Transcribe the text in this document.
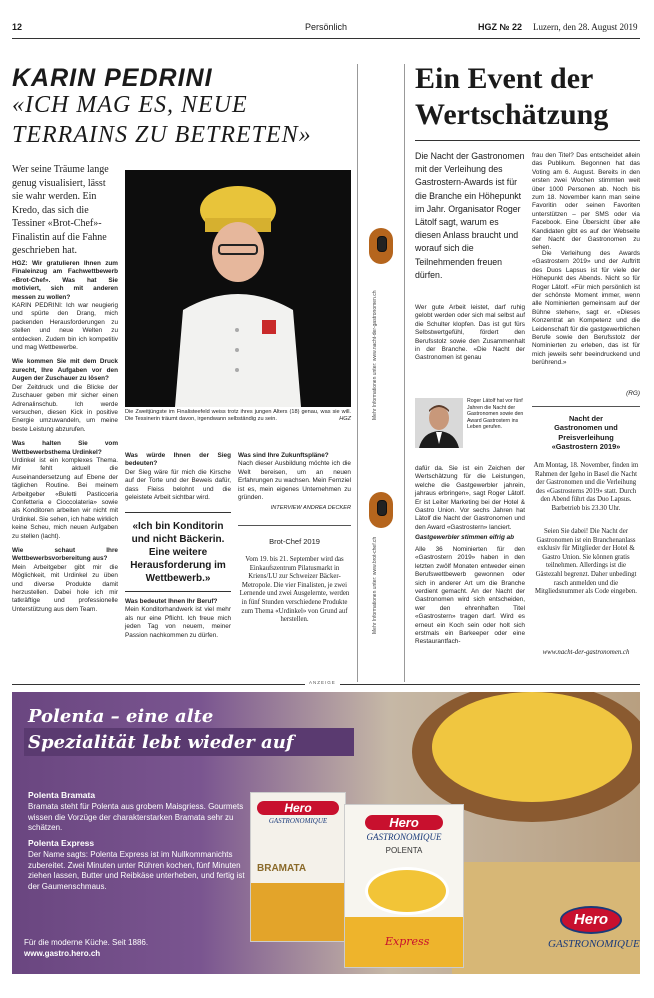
12	Persönlich	HGZ № 22 Luzern, den 28. August 2019
KARIN PEDRINI
«ICH MAG ES, NEUE
TERRAINS ZU BETRETEN»
Wer seine Träume lange genug visualisiert, lässt sie wahr werden. Ein Kredo, das sich die Tessiner «Brot-Chef»-Finalistin auf die Fahne geschrieben hat.
HGZ: Wir gratulieren Ihnen zum Finaleinzug am Fachwettbewerb «Brot-Chef». Was hat Sie motiviert, sich mit anderen messen zu wollen?
KARIN PEDRINI: Ich war neugierig und spürte den Drang, mich packenden Herausforderungen zu stellen und neue Welten zu entdecken. Zudem bin ich kompetitiv und mag Wettbewerbe.
Wie kommen Sie mit dem Druck zurecht, Ihre Aufgaben vor den Augen der Zuschauer zu lösen?
Der Zeitdruck und die Blicke der Zuschauer geben mir sicher einen Adrenalinschub. Ich werde versuchen, diesen Kick in positive Energie umzuwandeln, um meine beste Leistung abzurufen.
Was halten Sie vom Wettbewerbsthema Urdinkel?
Urdinkel ist ein komplexes Thema. Mir fehlt aktuell die Auseinandersetzung auf Ebene der täglichen Routine. Bei meinem Arbeitgeber «Buletti Pasticceria Confetteria e Cioccolateria» sowie als Konditoren arbeiten wir nicht mit Urdinkel. Sie sehen, ich habe wirklich keine Scheu, mich neuen Aufgaben zu stellen (lacht).
Wie schaut Ihre Wettbewerbsvorbereitung aus?
Mein Arbeitgeber gibt mir die Möglichkeit, mit Urdinkel zu üben und diverse Produkte damit herzustellen. Dabei hole ich mir tatkräftige und professionelle Unterstützung aus dem Team.
Die Zweitjüngste im Finalisteefeld weiss trotz ihres jungen Alters (18) genau, was sie will. Die Tessinerin träumt davon, irgendwann selbständig zu sein.	HGZ
Was würde Ihnen der Sieg bedeuten?
Der Sieg wäre für mich die Kirsche auf der Torte und der Beweis dafür, dass Fleiss belohnt und die geleistete Arbeit sichtbar wird.
«Ich bin Konditorin und nicht Bäckerin. Eine weitere Herausforderung im Wettbewerb.»
Was bedeutet Ihnen Ihr Beruf?
Mein Konditorhandwerk ist viel mehr als nur eine Pflicht. Ich freue mich jeden Tag von neuem, meiner Passion nachkommen zu dürfen.
Was sind Ihre Zukunftspläne?
Nach dieser Ausbildung möchte ich die Welt bereisen, um an neuen Erfahrungen zu wachsen. Mein Fernziel ist es, mein eigenes Unternehmen zu gründen.
INTERVIEW ANDREA DECKER
Brot-Chef 2019
Vom 19. bis 21. September wird das Einkaufszentrum Pilatusmarkt in Kriens/LU zur Schweizer Bäcker-Metropole. Die vier Finalisten, je zwei Lernende und zwei Ausgelernte, werden in fünf Stunden verschiedene Produkte zum Thema «Urdinkel» von Grund auf herstellen.
Mehr Informationen unter: www.nacht-der-gastronomen.ch
Mehr Informationen unter: www.brot-chef.ch
Ein Event der
Wertschätzung
Die Nacht der Gastronomen mit der Verleihung des Gastrostern-Awards ist für die Branche ein Höhepunkt im Jahr. Organisator Roger Lätolf sagt, warum es diesen Anlass braucht und worauf sich die Teilnehmenden freuen dürfen.
Wer gute Arbeit leistet, darf ruhig gelobt werden oder sich mal selbst auf die Schulter klopfen. Das ist gut fürs Selbstwertgefühl, fördert den Berufsstolz sowie den Zusammenhalt in der Branche. «Die Nacht der Gastronomen ist genau
Roger Lätolf hat vor fünf Jahren die Nacht der Gastronomen sowie den Award Gastrostern ins Leben gerufen.
dafür da. Sie ist ein Zeichen der Wertschätzung für die Leistungen, welche die Gastgewerbler jahrein, jahraus erbringen», sagt Roger Lätolf. Er ist Leiter Marketing bei der Hotel & Gastro Union. Vor sechs Jahren hat Lätolf die Nacht der Gastronomen und den Award «Gastrostern» lanciert.
Gastgewerbler stimmen eifrig ab
Alle 36 Nominierten für den «Gastrostern 2019» haben in den letzten zwölf Monaten entweder einen Berufswettbewerb gewonnen oder sich in anderer Art um die Branche verdient gemacht. An der Nacht der Gastronomen wird sich entscheiden, wer den ehrenhaften Titel «Gastrostern» tragen darf. Wird es erneut ein Koch sein oder holt sich erstmals ein Barkeeper oder eine Restaurantfach-
frau den Titel? Das entscheidet allein das Publikum. Begonnen hat das Voting am 6. August. Bereits in den ersten zwei Wochen stimmten weit über 1000 Personen ab. Noch bis zum 18. November kann man seine Favoritin oder seinen Favoriten unterstützen – per SMS oder via Facebook. Eine Übersicht über alle Kandidaten gibt es auf der Webseite der Nacht der Gastronomen zu sehen.
Die Verleihung des Awards «Gastrostern 2019» und der Auftritt des Duos Lapsus ist für viele der Höhepunkt des Abends. Nicht so für Roger Lätolf. «Für mich persönlich ist der schönste Moment immer, wenn alle Nominierten gemeinsam auf der Bühne stehen», sagt er. «Dieses Konzentrat an Kompetenz und die Leidenschaft für die gastgewerblichen Berufe sowie den Berufsstolz der Nominierten zu erleben, das ist für mich jeweils sehr beeindruckend und berührend.»
(RG)
Nacht der
Gastronomen und
Preisverleihung
«Gastrostern 2019»
Am Montag, 18. November, finden im Rahmen der Igeho in Basel die Nacht der Gastronomen und die Verleihung des «Gastrosterns 2019» statt. Durch den Abend führt das Duo Lapsus. Barbetrieb bis 23.30 Uhr.
Seien Sie dabei! Die Nacht der Gastronomen ist ein Branchenanlass exklusiv für Mitglieder der Hotel & Gastro Union. Sie können gratis teilnehmen. Allerdings ist die Gästezahl begrenzt. Daher unbedingt rasch anmelden und die Mitgliedsnummer als Code eingeben.
www.nacht-der-gastronomen.ch
ANZEIGE
Polenta – eine alte
Spezialität lebt wieder auf
Polenta Bramata
Bramata steht für Polenta aus grobem Maisgriess. Gourmets wissen die Vorzüge der charakterstarken Bramata sehr zu schätzen.
Polenta Express
Der Name sagts: Polenta Express ist im Nullkommanichts zubereitet. Zwei Minuten unter Rühren kochen, fünf Minuten ziehen lassen, Butter und Reibkäse unterheben, und fertig ist der Gaumenschmaus.
Für die moderne Küche. Seit 1886.
www.gastro.hero.ch
Hero
GASTRONOMIQUE
BRAMATA
Hero
GASTRONOMIQUE
POLENTA
Express
Hero
GASTRONOMIQUE
